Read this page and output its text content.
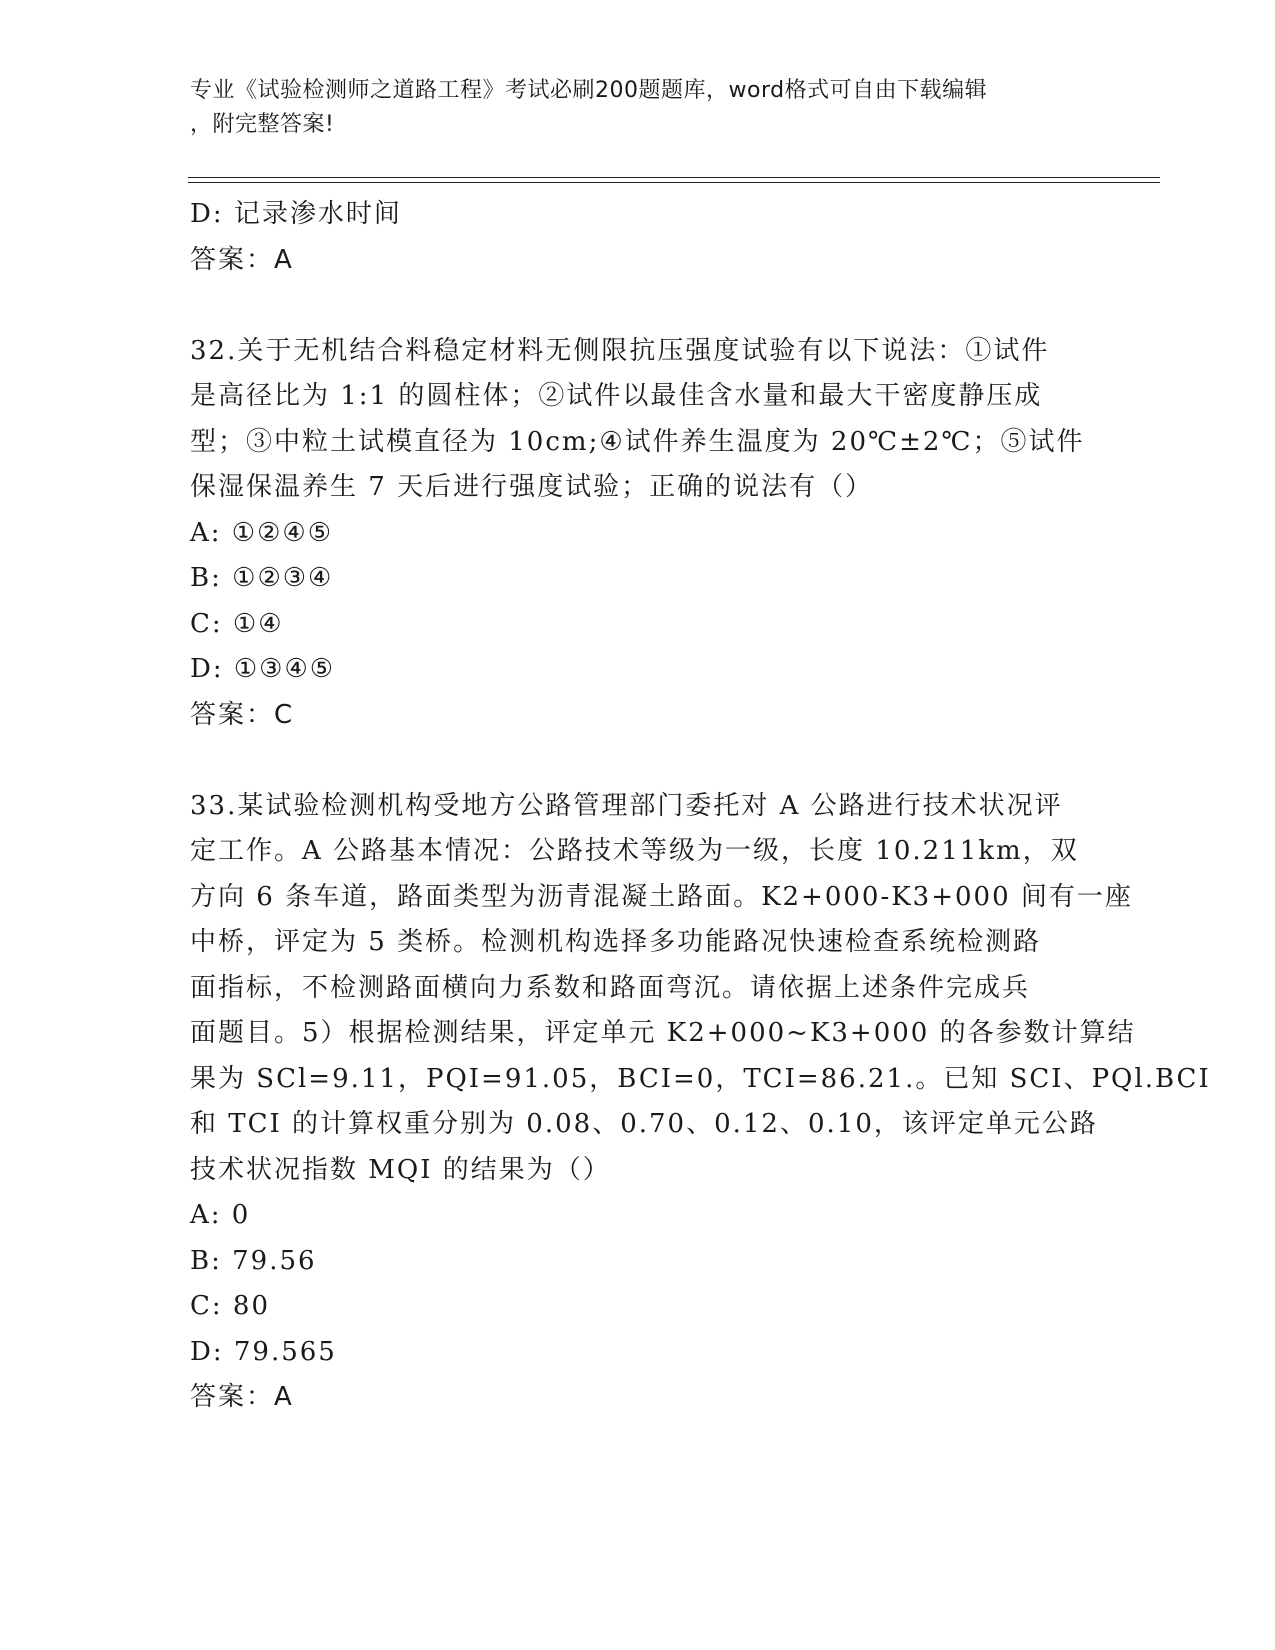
专业《试验检测师之道路工程》考试必刷200题题库，word格式可自由下载编辑
，附完整答案!
D: 记录渗水时间
答案：A
32.关于无机结合料稳定材料无侧限抗压强度试验有以下说法：①试件
是高径比为 1:1 的圆柱体；②试件以最佳含水量和最大干密度静压成
型；③中粒土试模直径为 10cm;④试件养生温度为 20℃±2℃；⑤试件
保湿保温养生 7 天后进行强度试验；正确的说法有（）
A: ①②④⑤
B: ①②③④
C: ①④
D: ①③④⑤
答案：C
33.某试验检测机构受地方公路管理部门委托对 A 公路进行技术状况评
定工作。A 公路基本情况：公路技术等级为一级，长度 10.211km，双
方向 6 条车道，路面类型为沥青混凝土路面。K2+000-K3+000 间有一座
中桥，评定为 5 类桥。检测机构选择多功能路况快速检查系统检测路
面指标，不检测路面横向力系数和路面弯沉。请依据上述条件完成兵
面题目。5）根据检测结果，评定单元 K2+000~K3+000 的各参数计算结
果为 SCl=9.11，PQI=91.05，BCI=0，TCI=86.21.。已知 SCI、PQl.BCI
和 TCI 的计算权重分别为 0.08、0.70、0.12、0.10，该评定单元公路
技术状况指数 MQI 的结果为（）
A: 0
B: 79.56
C: 80
D: 79.565
答案：A
